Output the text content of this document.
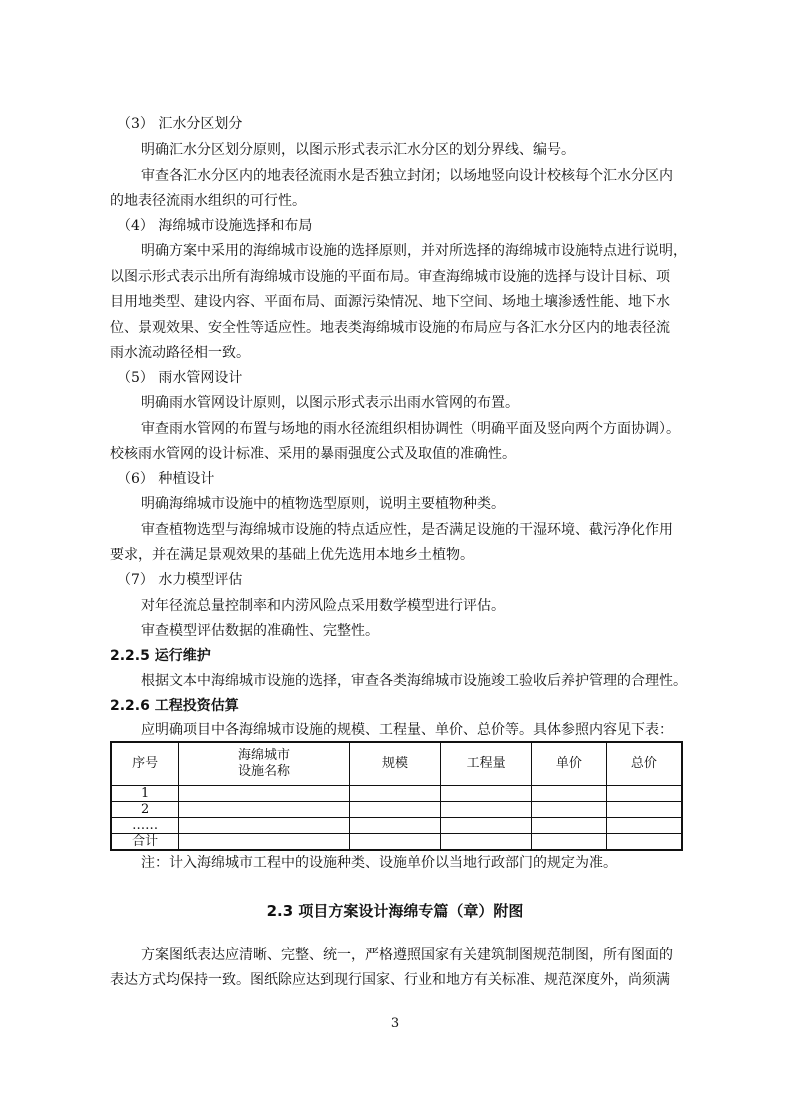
（3） 汇水分区划分
明确汇水分区划分原则，以图示形式表示汇水分区的划分界线、编号。
审查各汇水分区内的地表径流雨水是否独立封闭；以场地竖向设计校核每个汇水分区内
的地表径流雨水组织的可行性。
（4） 海绵城市设施选择和布局
明确方案中采用的海绵城市设施的选择原则，并对所选择的海绵城市设施特点进行说明，
以图示形式表示出所有海绵城市设施的平面布局。审查海绵城市设施的选择与设计目标、项
目用地类型、建设内容、平面布局、面源污染情况、地下空间、场地土壤渗透性能、地下水
位、景观效果、安全性等适应性。地表类海绵城市设施的布局应与各汇水分区内的地表径流
雨水流动路径相一致。
（5） 雨水管网设计
明确雨水管网设计原则，以图示形式表示出雨水管网的布置。
审查雨水管网的布置与场地的雨水径流组织相协调性（明确平面及竖向两个方面协调）。
校核雨水管网的设计标准、采用的暴雨强度公式及取值的准确性。
（6） 种植设计
明确海绵城市设施中的植物选型原则，说明主要植物种类。
审查植物选型与海绵城市设施的特点适应性，是否满足设施的干湿环境、截污净化作用
要求，并在满足景观效果的基础上优先选用本地乡土植物。
（7） 水力模型评估
对年径流总量控制率和内涝风险点采用数学模型进行评估。
审查模型评估数据的准确性、完整性。
2.2.5 运行维护
根据文本中海绵城市设施的选择，审查各类海绵城市设施竣工验收后养护管理的合理性。
2.2.6 工程投资估算
应明确项目中各海绵城市设施的规模、工程量、单价、总价等。具体参照内容见下表：
序号	海绵城市
设施名称	规模	工程量	单价	总价
1					
2					
……					
合计					
注：计入海绵城市工程中的设施种类、设施单价以当地行政部门的规定为准。
2.3 项目方案设计海绵专篇（章）附图
方案图纸表达应清晰、完整、统一，严格遵照国家有关建筑制图规范制图，所有图面的
表达方式均保持一致。图纸除应达到现行国家、行业和地方有关标准、规范深度外，尚须满
3
